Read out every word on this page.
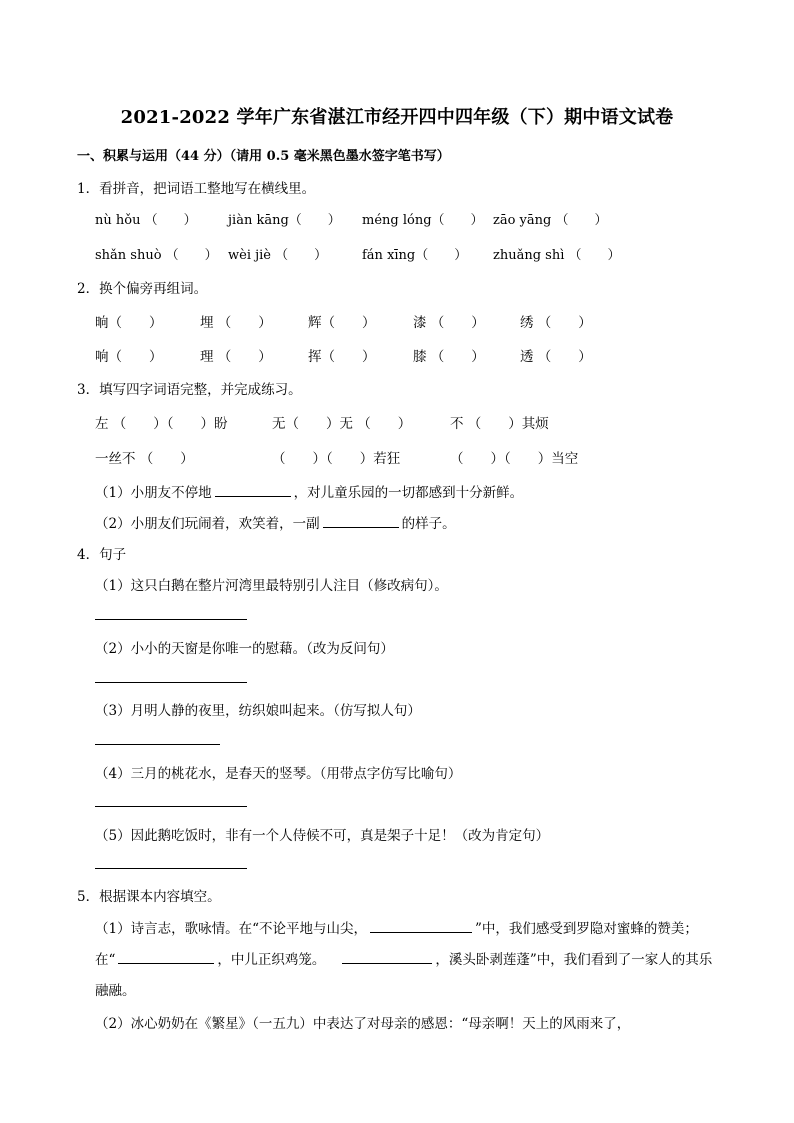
2021-2022 学年广东省湛江市经开四中四年级（下）期中语文试卷
一、积累与运用（44 分）（请用 0.5 毫米黑色墨水签字笔书写）
1．看拼音，把词语工整地写在横线里。
nù hǒu （　　） jiàn kāng（　　） méng lóng（　　） zāo yāng （　　）
shǎn shuò （　　） wèi jiè （　　）	fán xīng（　　） zhuǎng shì （　　）
2．换个偏旁再组词。
晌（　　）	埋 （　　）	辉（　　）	漆 （　　）	绣 （　　）
响（　　）	理 （　　）	挥（　　）	膝 （　　）	透 （　　）
3．填写四字词语完整，并完成练习。
左 （　　）（　　）盼	无（　　）无 （　　）	不 （　　）其烦
一丝不 （　　）	（　　）（　　）若狂	（　　）（　　）当空
（1）小朋友不停地	，对儿童乐园的一切都感到十分新鲜。
（2）小朋友们玩闹着，欢笑着，一副	的样子。
4．句子
（1）这只白鹅在整片河湾里最特别引人注目（修改病句）。
（2）小小的天窗是你唯一的慰藉。（改为反问句）
（3）月明人静的夜里，纺织娘叫起来。（仿写拟人句）
（4）三月的桃花水，是春天的竖琴。（用带点字仿写比喻句）
（5）因此鹅吃饭时，非有一个人侍候不可，真是架子十足！（改为肯定句）
5．根据课本内容填空。
（1）诗言志，歌咏情。在“不论平地与山尖，	”中，我们感受到罗隐对蜜蜂的赞美；
在“	，中儿正织鸡笼。	，溪头卧剥莲蓬”中，我们看到了一家人的其乐
融融。
（2）冰心奶奶在《繁星》（一五九）中表达了对母亲的感恩：“母亲啊！天上的风雨来了，
